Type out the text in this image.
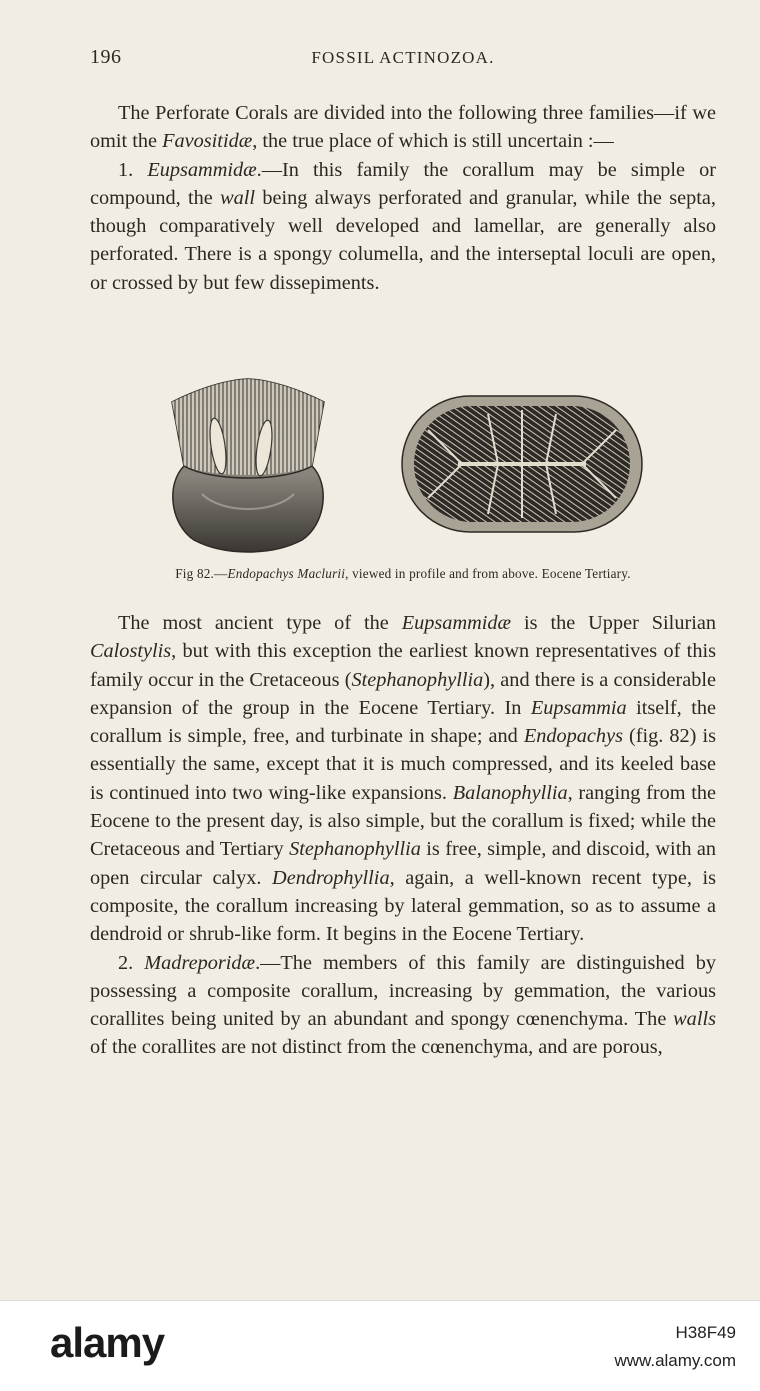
196	FOSSIL ACTINOZOA.

The Perforate Corals are divided into the following three families—if we omit the Favositidæ, the true place of which is still uncertain :—

1. Eupsammidæ.—In this family the corallum may be simple or compound, the wall being always perforated and granular, while the septa, though comparatively well developed and lamellar, are generally also perforated. There is a spongy columella, and the interseptal loculi are open, or crossed by but few dissepiments.

Fig 82.—Endopachys Maclurii, viewed in profile and from above. Eocene Tertiary.

The most ancient type of the Eupsammidæ is the Upper Silurian Calostylis, but with this exception the earliest known representatives of this family occur in the Cretaceous (Stephanophyllia), and there is a considerable expansion of the group in the Eocene Tertiary. In Eupsammia itself, the corallum is simple, free, and turbinate in shape; and Endopachys (fig. 82) is essentially the same, except that it is much compressed, and its keeled base is continued into two wing-like expansions. Balanophyllia, ranging from the Eocene to the present day, is also simple, but the corallum is fixed; while the Cretaceous and Tertiary Stephanophyllia is free, simple, and discoid, with an open circular calyx. Dendrophyllia, again, a well-known recent type, is composite, the corallum increasing by lateral gemmation, so as to assume a dendroid or shrub-like form. It begins in the Eocene Tertiary.

2. Madreporidæ.—The members of this family are distinguished by possessing a composite corallum, increasing by gemmation, the various corallites being united by an abundant and spongy cœnenchyma. The walls of the corallites are not distinct from the cœnenchyma, and are porous,

alamy	H38F49
www.alamy.com
